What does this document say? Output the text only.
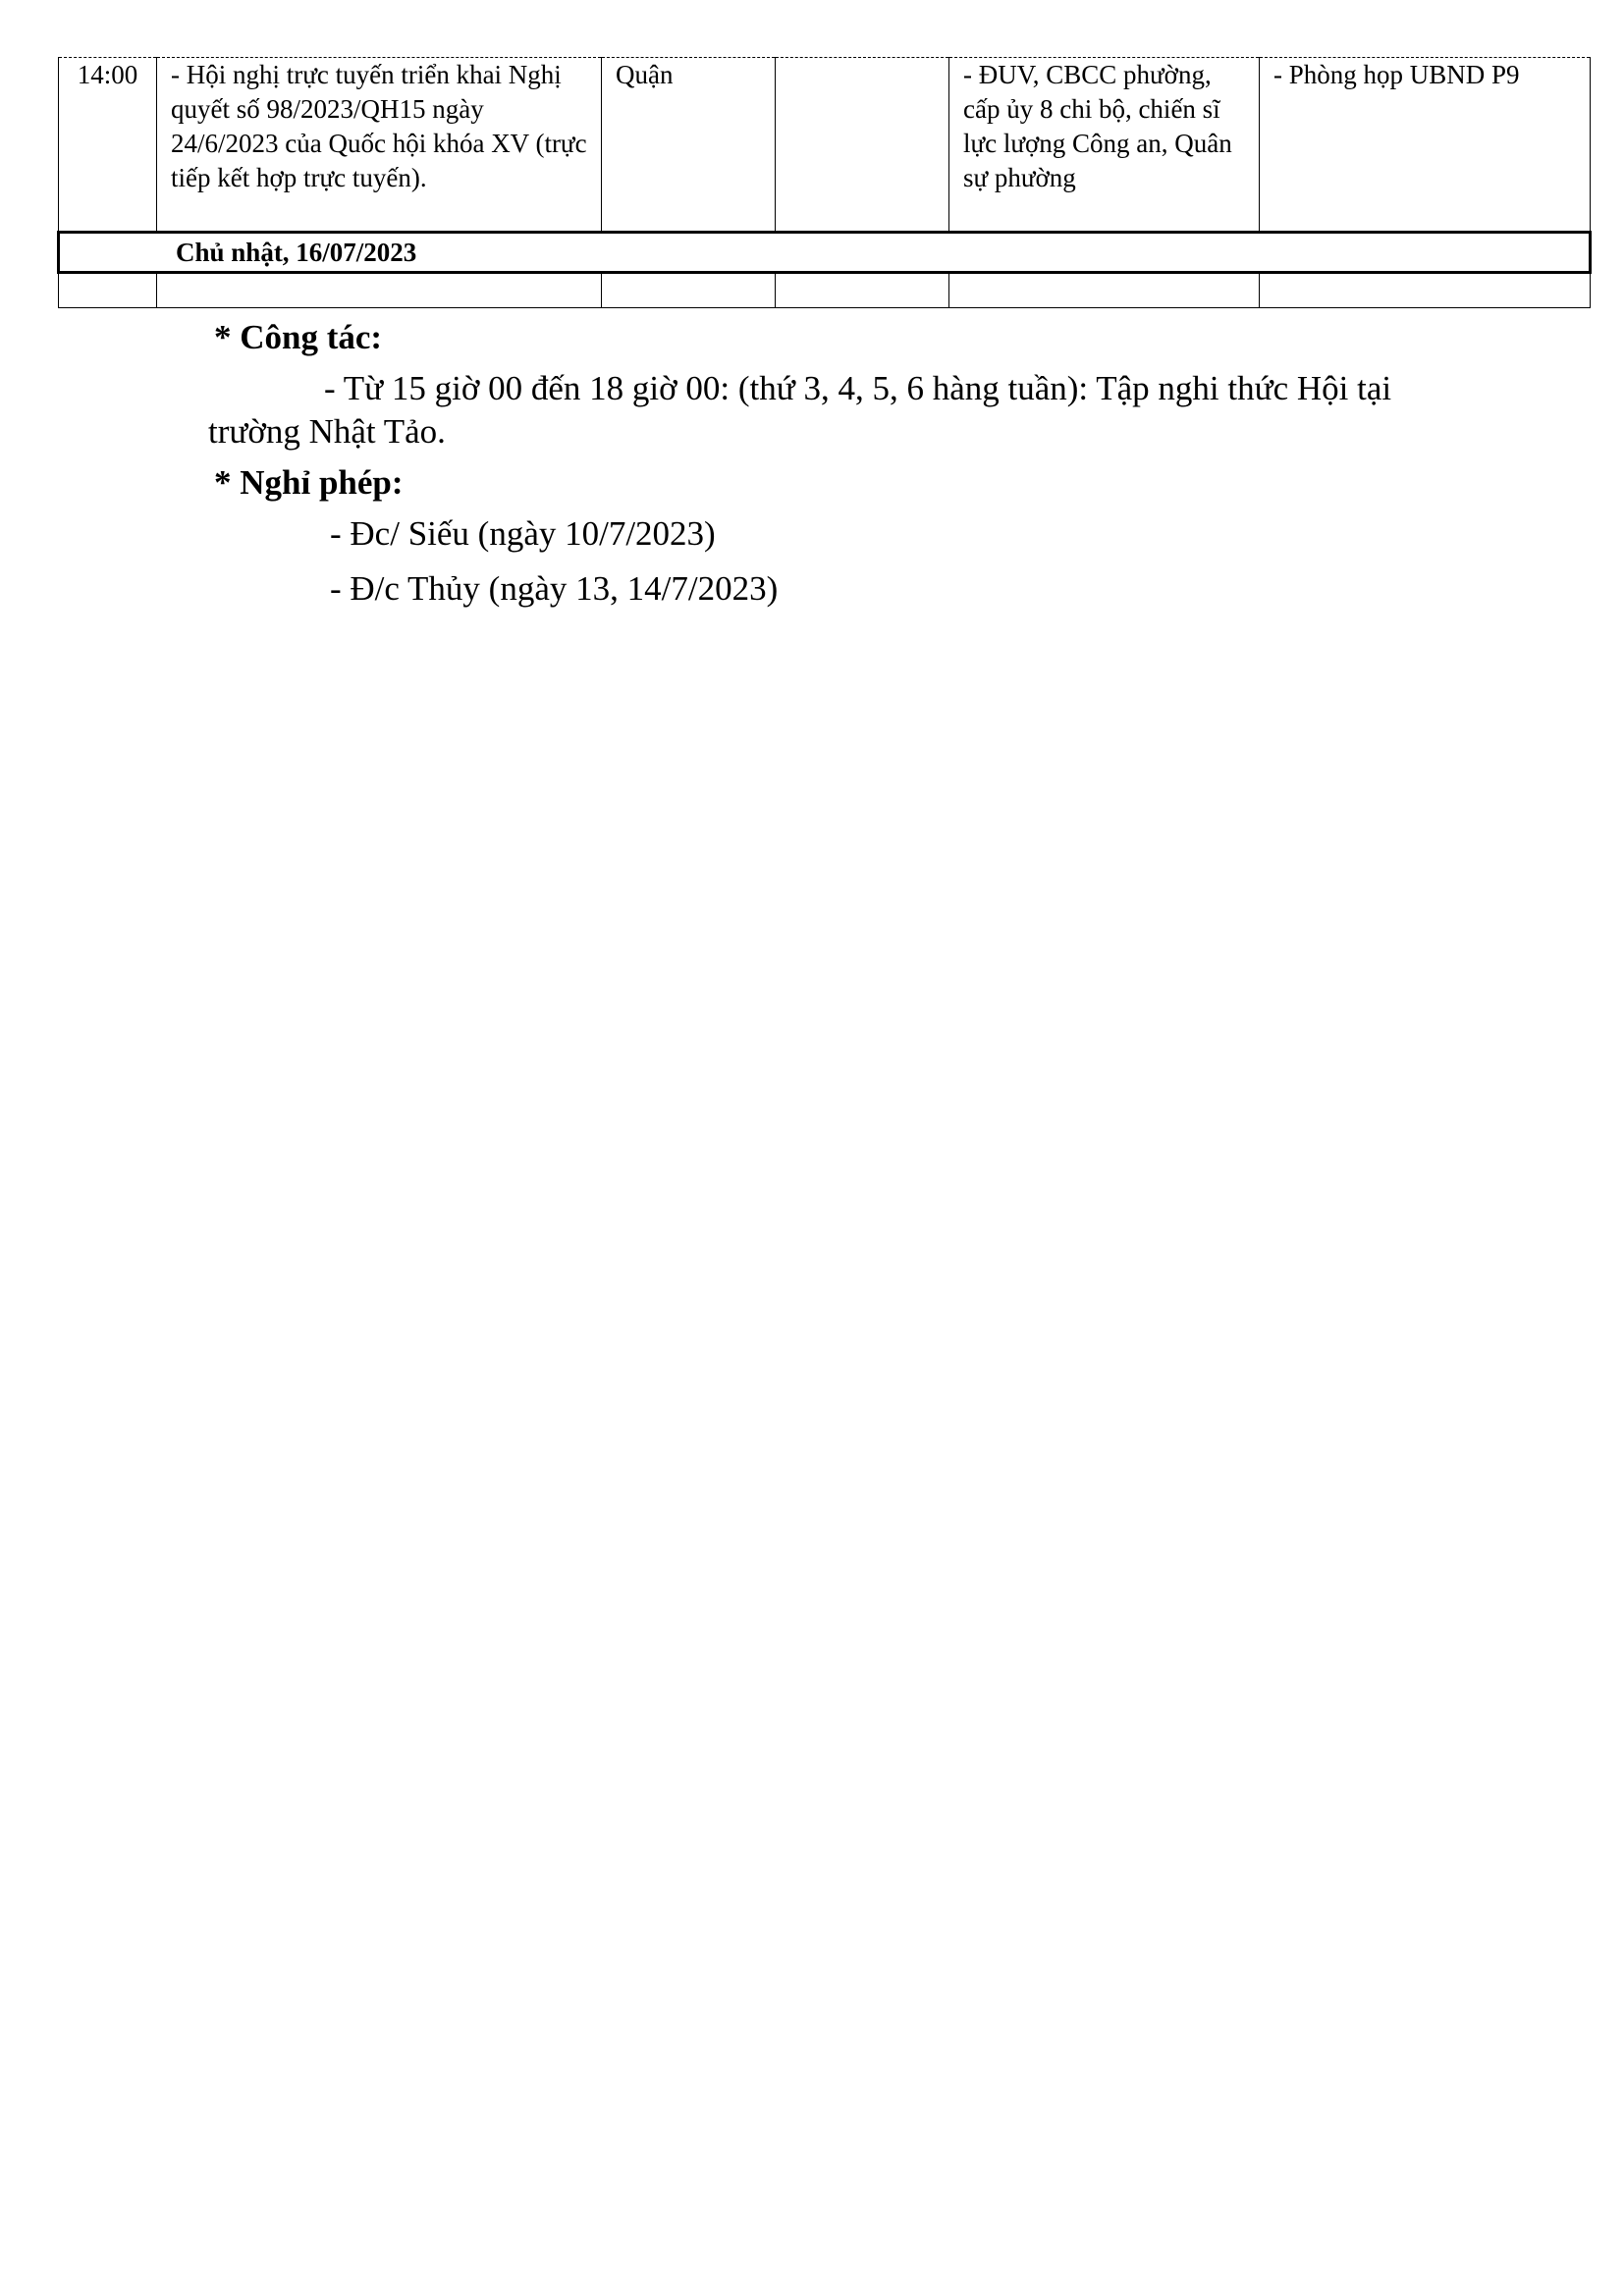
14:00	- Hội nghị trực tuyến triển khai Nghị quyết số 98/2023/QH15 ngày 24/6/2023 của Quốc hội khóa XV (trực tiếp kết hợp trực tuyến).	Quận		- ĐUV, CBCC phường, cấp ủy 8 chi bộ, chiến sĩ lực lượng Công an, Quân sự phường	- Phòng họp UBND P9
Chủ nhật, 16/07/2023					

* Công tác:
- Từ 15 giờ 00 đến 18 giờ 00: (thứ 3, 4, 5, 6 hàng tuần): Tập nghi thức Hội tại trường Nhật Tảo.
* Nghỉ phép:
- Đc/ Siếu (ngày 10/7/2023)
- Đ/c Thủy (ngày 13, 14/7/2023)
